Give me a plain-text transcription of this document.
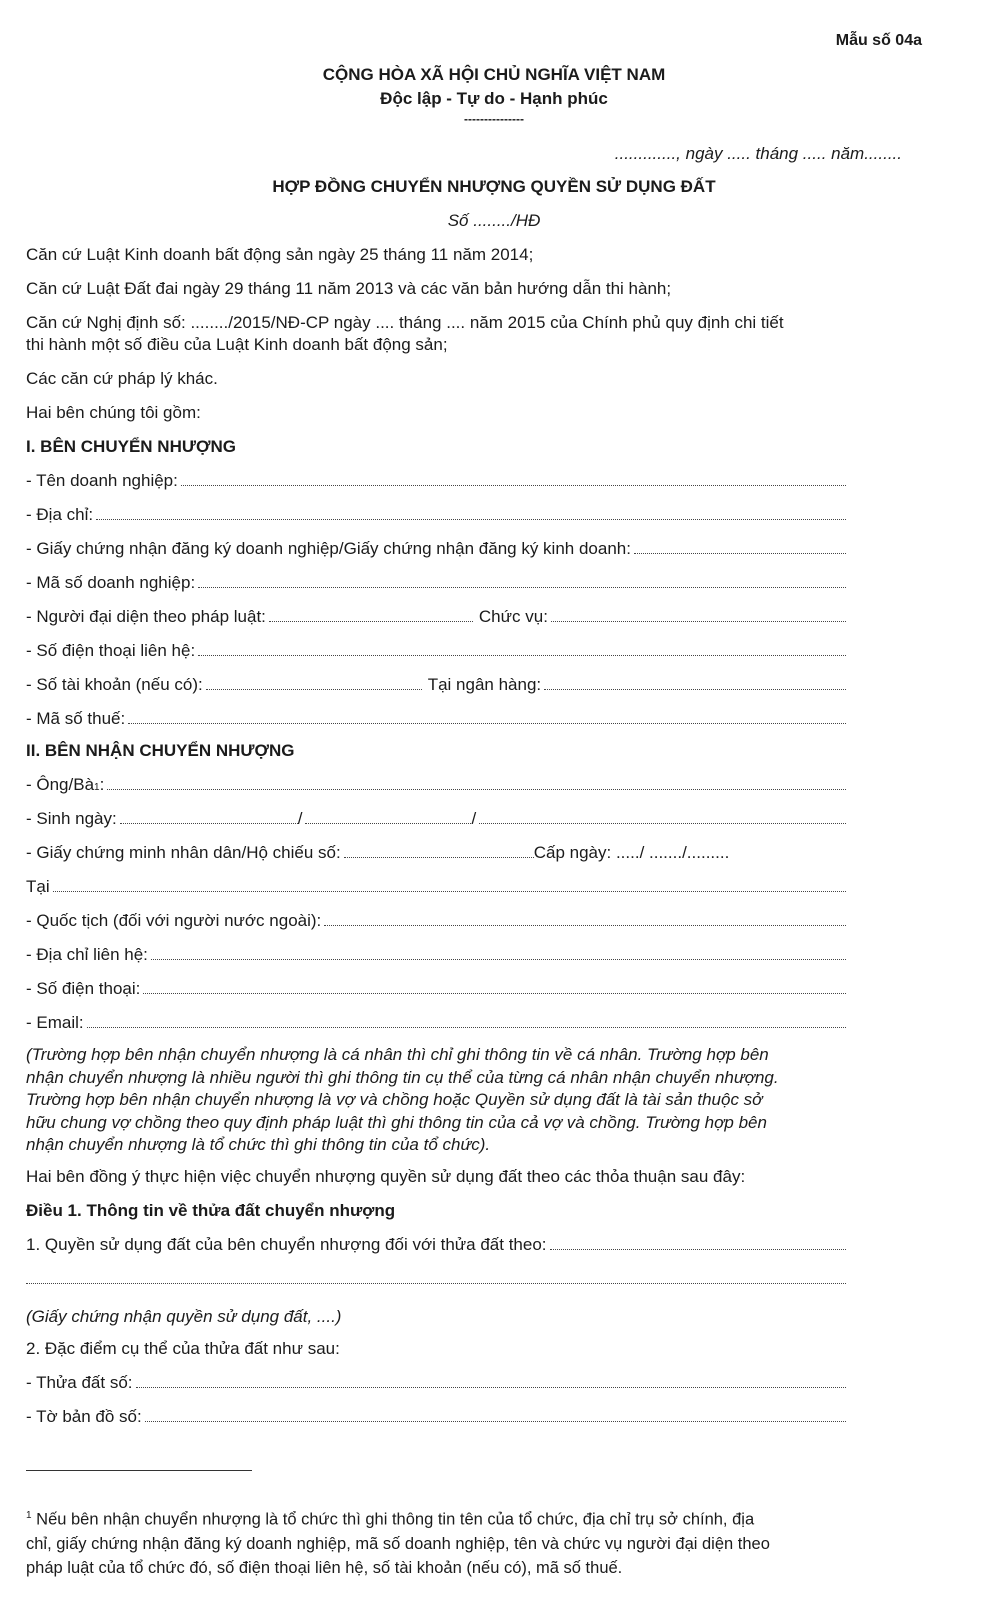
Mẫu số 04a
CỘNG HÒA XÃ HỘI CHỦ NGHĨA VIỆT NAM
Độc lập - Tự do - Hạnh phúc
---------------
............., ngày ..... tháng ..... năm........
HỢP ĐỒNG CHUYỂN NHƯỢNG QUYỀN SỬ DỤNG ĐẤT
Số ......../HĐ
Căn cứ Luật Kinh doanh bất động sản ngày 25 tháng 11 năm 2014;
Căn cứ Luật Đất đai ngày 29 tháng 11 năm 2013 và các văn bản hướng dẫn thi hành;
Căn cứ Nghị định số: ......../2015/NĐ-CP ngày .... tháng .... năm 2015 của Chính phủ quy định chi tiết
thi hành một số điều của Luật Kinh doanh bất động sản;
Các căn cứ pháp lý khác.
Hai bên chúng tôi gồm:
I. BÊN CHUYỂN NHƯỢNG
- Tên doanh nghiệp:
- Địa chỉ:
- Giấy chứng nhận đăng ký doanh nghiệp/Giấy chứng nhận đăng ký kinh doanh:
- Mã số doanh nghiệp:
- Người đại diện theo pháp luật:	Chức vụ:
- Số điện thoại liên hệ:
- Số tài khoản (nếu có):	Tại ngân hàng:
- Mã số thuế:
II. BÊN NHẬN CHUYỂN NHƯỢNG
- Ông/Bà 1 :
- Sinh ngày:	/	/
- Giấy chứng minh nhân dân/Hộ chiếu số:	Cấp ngày: ...../ ......./.........
Tại
- Quốc tịch (đối với người nước ngoài):
- Địa chỉ liên hệ:
- Số điện thoại:
- Email:
(Trường hợp bên nhận chuyển nhượng là cá nhân thì chỉ ghi thông tin về cá nhân. Trường hợp bên
nhận chuyển nhượng là nhiều người thì ghi thông tin cụ thể của từng cá nhân nhận chuyển nhượng.
Trường hợp bên nhận chuyển nhượng là vợ và chồng hoặc Quyền sử dụng đất là tài sản thuộc sở
hữu chung vợ chồng theo quy định pháp luật thì ghi thông tin của cả vợ và chồng. Trường hợp bên
nhận chuyển nhượng là tổ chức thì ghi thông tin của tổ chức).
Hai bên đồng ý thực hiện việc chuyển nhượng quyền sử dụng đất theo các thỏa thuận sau đây:
Điều 1. Thông tin về thửa đất chuyển nhượng
1. Quyền sử dụng đất của bên chuyển nhượng đối với thửa đất theo:
(Giấy chứng nhận quyền sử dụng đất, ....)
2. Đặc điểm cụ thể của thửa đất như sau:
- Thửa đất số:
- Tờ bản đồ số:
$^1$ Nếu bên nhận chuyển nhượng là tổ chức thì ghi thông tin tên của tổ chức, địa chỉ trụ sở chính, địa
chỉ, giấy chứng nhận đăng ký doanh nghiệp, mã số doanh nghiệp, tên và chức vụ người đại diện theo
pháp luật của tổ chức đó, số điện thoại liên hệ, số tài khoản (nếu có), mã số thuế.
